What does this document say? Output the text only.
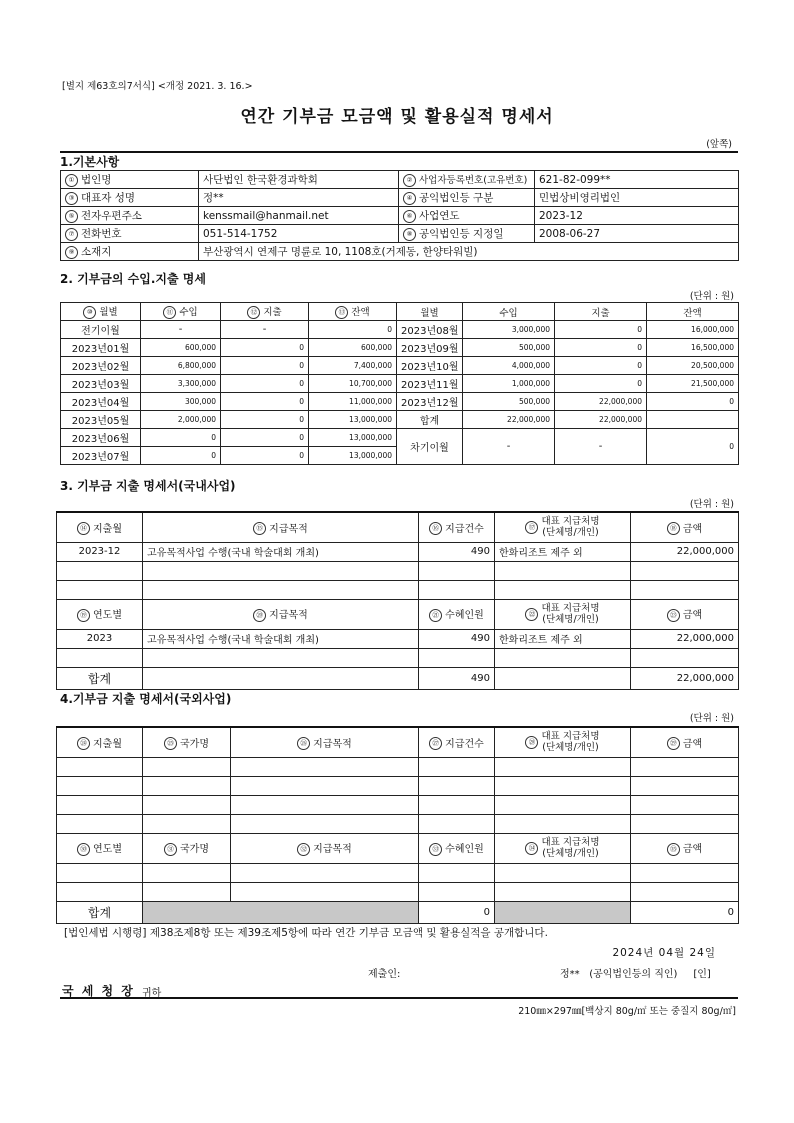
[별지 제63호의7서식] <개정 2021. 3. 16.>
연간 기부금 모금액 및 활용실적 명세서
(앞쪽)
1.기본사항
① 법인명	사단법인 한국환경과학회	② 사업자등록번호(고유번호)	621-82-099**
③ 대표자 성명	정**	④ 공익법인등 구분	민법상비영리법인
⑤ 전자우편주소	kenssmail@hanmail.net	⑥ 사업연도	2023-12
⑦ 전화번호	051-514-1752	⑧ 공익법인등 지정일	2008-06-27
⑨ 소재지	부산광역시 연제구 명륜로 10, 1108호(거제동, 한양타워빌)		
2. 기부금의 수입.지출 명세
(단위 : 원)
⑩ 월별	⑪ 수입	⑫ 지출	⑬ 잔액	월별	수입	지출	잔액
전기이월	-	-	0	2023년08월	3,000,000	0	16,000,000
2023년01월	600,000	0	600,000	2023년09월	500,000	0	16,500,000
2023년02월	6,800,000	0	7,400,000	2023년10월	4,000,000	0	20,500,000
2023년03월	3,300,000	0	10,700,000	2023년11월	1,000,000	0	21,500,000
2023년04월	300,000	0	11,000,000	2023년12월	500,000	22,000,000	0
2023년05월	2,000,000	0	13,000,000	합계	22,000,000	22,000,000	
2023년06월	0	0	13,000,000	차기이월	-	-	0
2023년07월	0	0	13,000,000				
3. 기부금 지출 명세서(국내사업)
(단위 : 원)
⑭ 지출월	⑮ 지급목적	⑯ 지급건수	⑰ 대표 지급처명
(단체명/개인)	⑱ 금액
2023-12	고유목적사업 수행(국내 학술대회 개최)	490	한화리조트 제주 외	22,000,000

⑲ 연도별	⑳ 지급목적	㉑ 수혜인원	㉒ 대표 지급처명
(단체명/개인)	㉓ 금액
2023	고유목적사업 수행(국내 학술대회 개최)	490	한화리조트 제주 외	22,000,000

합계		490		22,000,000
4.기부금 지출 명세서(국외사업)
(단위 : 원)
㉔ 지출월	㉕ 국가명	㉖ 지급목적	㉗ 지급건수	㉘ 대표 지급처명
(단체명/개인)	㉙ 금액

㉚ 연도별	㉛ 국가명	㉜ 지급목적	㉝ 수혜인원	㉞ 대표 지급처명
(단체명/개인)	㉟ 금액

합계			0		0
[법인세법 시행령] 제38조제8항 또는 제39조제5항에 따라 연간 기부금 모금액 및 활용실적을 공개합니다.
2024년 04월 24일
제출인:	정**   (공익법인등의 직인)     [인]
국 세 청 장 귀하
210㎜×297㎜[백상지 80g/㎡ 또는 중질지 80g/㎡]
